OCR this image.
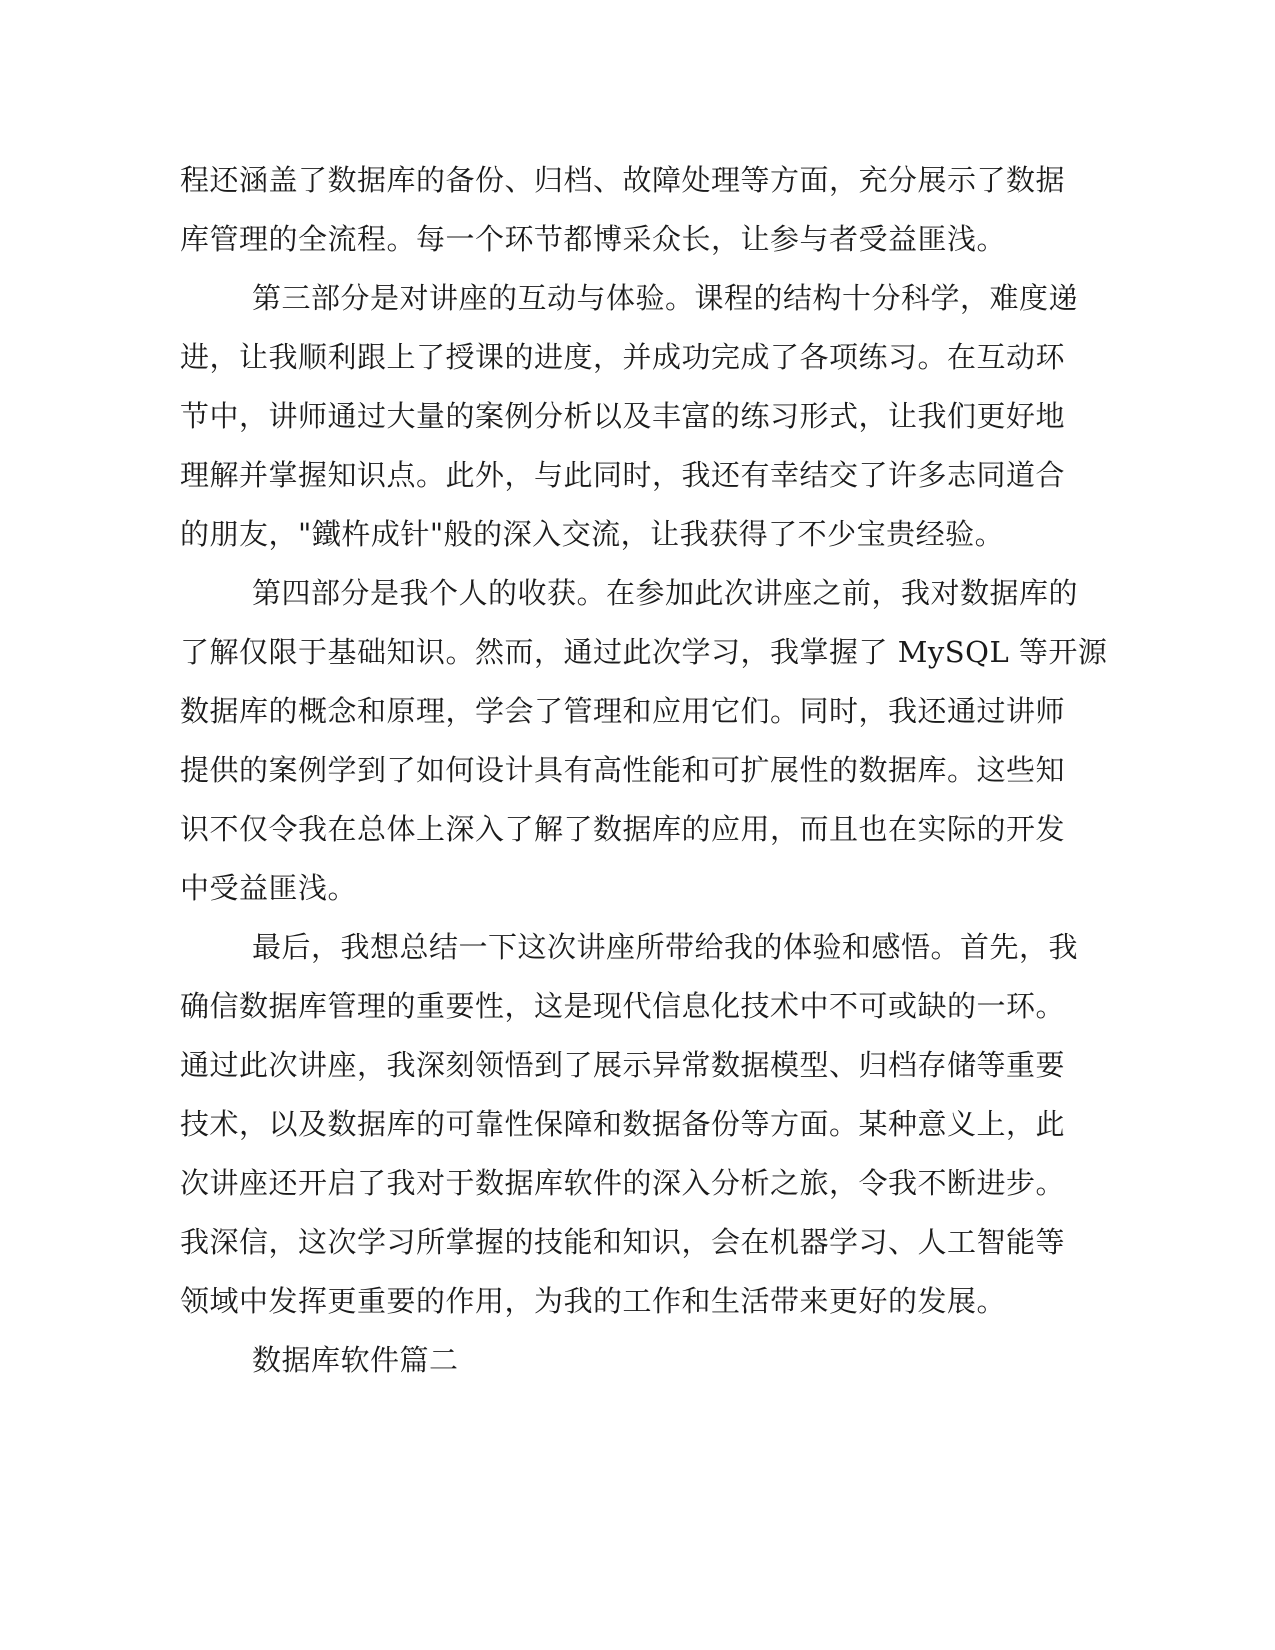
程还涵盖了数据库的备份、归档、故障处理等方面，充分展示了数据
库管理的全流程。每一个环节都博采众长，让参与者受益匪浅。
第三部分是对讲座的互动与体验。课程的结构十分科学，难度递
进，让我顺利跟上了授课的进度，并成功完成了各项练习。在互动环
节中，讲师通过大量的案例分析以及丰富的练习形式，让我们更好地
理解并掌握知识点。此外，与此同时，我还有幸结交了许多志同道合
的朋友，"鐵杵成针"般的深入交流，让我获得了不少宝贵经验。
第四部分是我个人的收获。在参加此次讲座之前，我对数据库的
了解仅限于基础知识。然而，通过此次学习，我掌握了 MySQL 等开源
数据库的概念和原理，学会了管理和应用它们。同时，我还通过讲师
提供的案例学到了如何设计具有高性能和可扩展性的数据库。这些知
识不仅令我在总体上深入了解了数据库的应用，而且也在实际的开发
中受益匪浅。
最后，我想总结一下这次讲座所带给我的体验和感悟。首先，我
确信数据库管理的重要性，这是现代信息化技术中不可或缺的一环。
通过此次讲座，我深刻领悟到了展示异常数据模型、归档存储等重要
技术，以及数据库的可靠性保障和数据备份等方面。某种意义上，此
次讲座还开启了我对于数据库软件的深入分析之旅，令我不断进步。
我深信，这次学习所掌握的技能和知识，会在机器学习、人工智能等
领域中发挥更重要的作用，为我的工作和生活带来更好的发展。
数据库软件篇二
